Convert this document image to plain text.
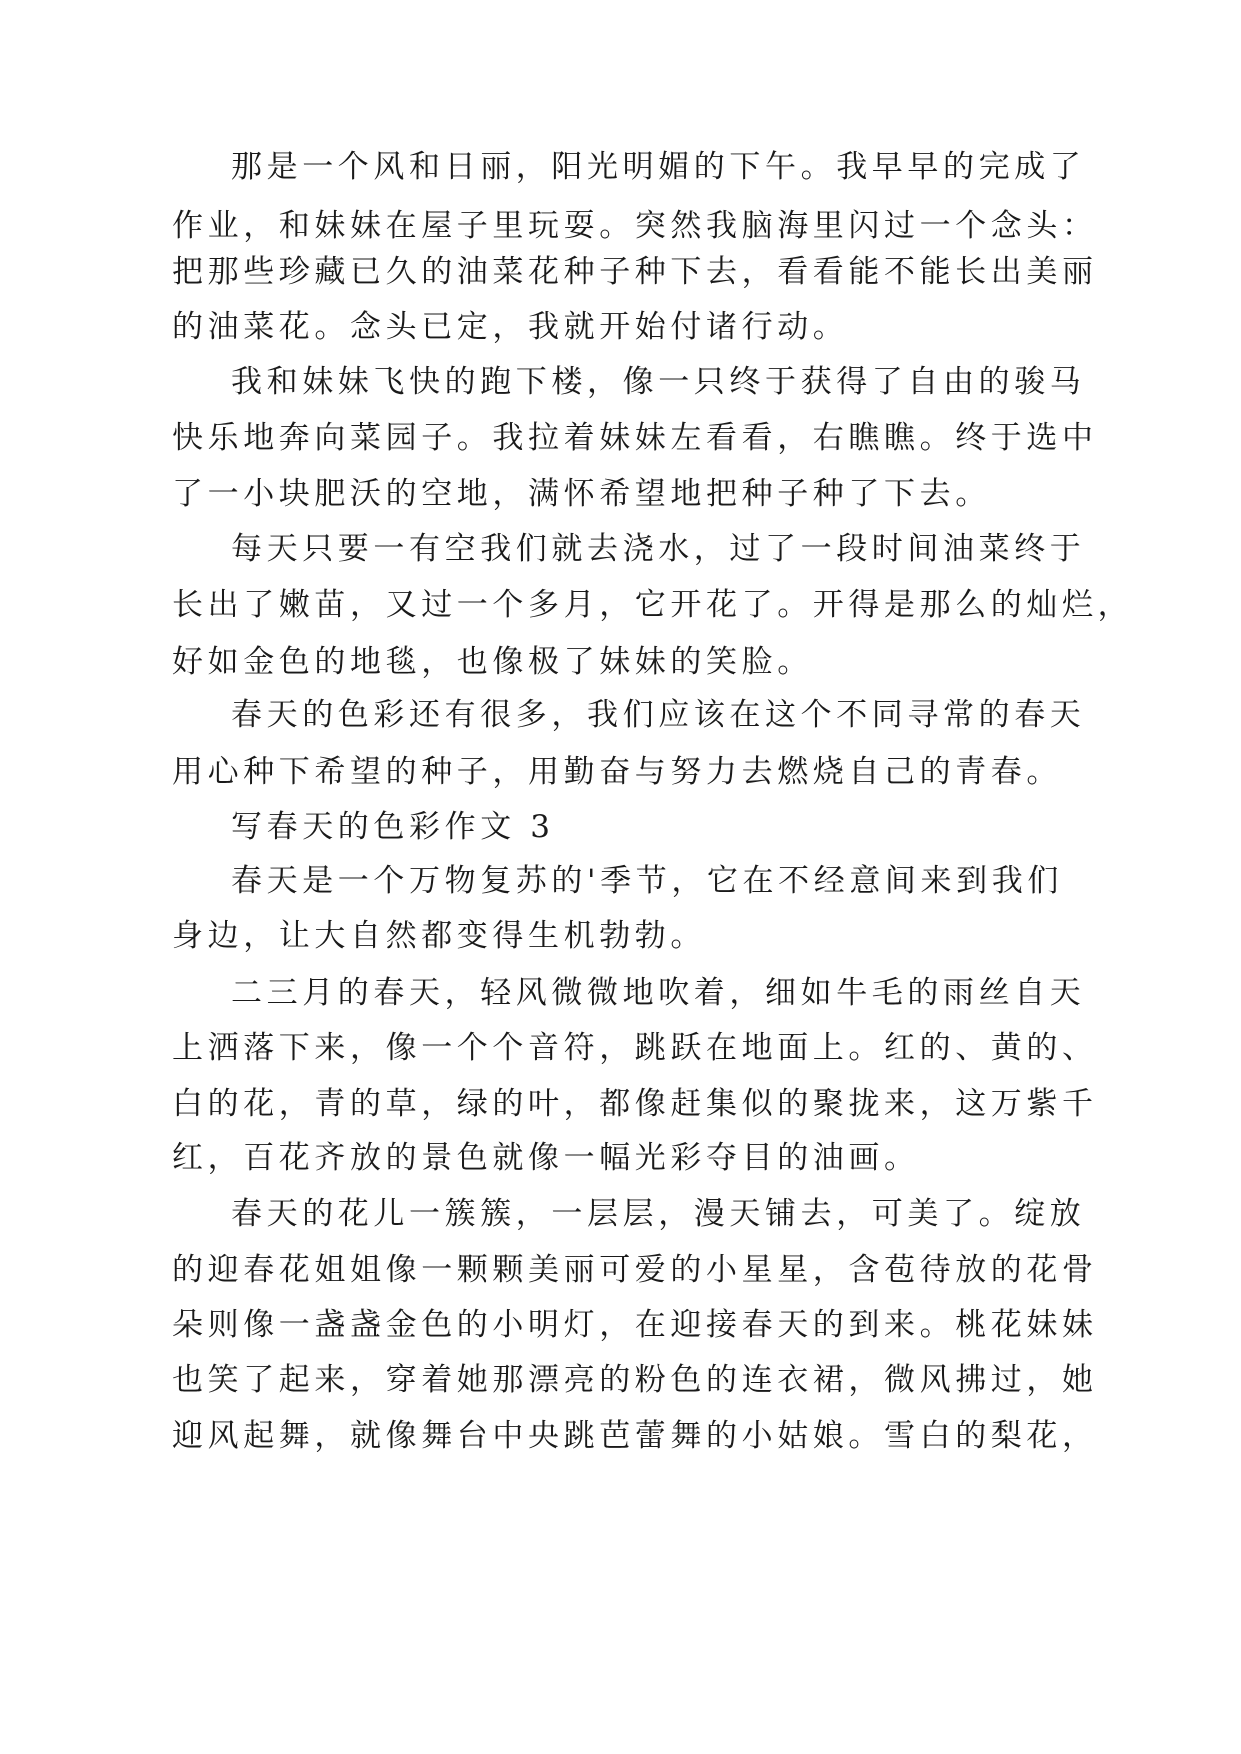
那是一个风和日丽，阳光明媚的下午。我早早的完成了
作业，和妹妹在屋子里玩耍。突然我脑海里闪过一个念头：
把那些珍藏已久的油菜花种子种下去，看看能不能长出美丽
的油菜花。念头已定，我就开始付诸行动。
我和妹妹飞快的跑下楼，像一只终于获得了自由的骏马
快乐地奔向菜园子。我拉着妹妹左看看，右瞧瞧。终于选中
了一小块肥沃的空地，满怀希望地把种子种了下去。
每天只要一有空我们就去浇水，过了一段时间油菜终于
长出了嫩苗，又过一个多月，它开花了。开得是那么的灿烂，
好如金色的地毯，也像极了妹妹的笑脸。
春天的色彩还有很多，我们应该在这个不同寻常的春天
用心种下希望的种子，用勤奋与努力去燃烧自己的青春。
写春天的色彩作文 3
春天是一个万物复苏的'季节，它在不经意间来到我们
身边，让大自然都变得生机勃勃。
二三月的春天，轻风微微地吹着，细如牛毛的雨丝自天
上洒落下来，像一个个音符，跳跃在地面上。红的、黄的、
白的花，青的草，绿的叶，都像赶集似的聚拢来，这万紫千
红，百花齐放的景色就像一幅光彩夺目的油画。
春天的花儿一簇簇，一层层，漫天铺去，可美了。绽放
的迎春花姐姐像一颗颗美丽可爱的小星星，含苞待放的花骨
朵则像一盏盏金色的小明灯，在迎接春天的到来。桃花妹妹
也笑了起来，穿着她那漂亮的粉色的连衣裙，微风拂过，她
迎风起舞，就像舞台中央跳芭蕾舞的小姑娘。雪白的梨花，
